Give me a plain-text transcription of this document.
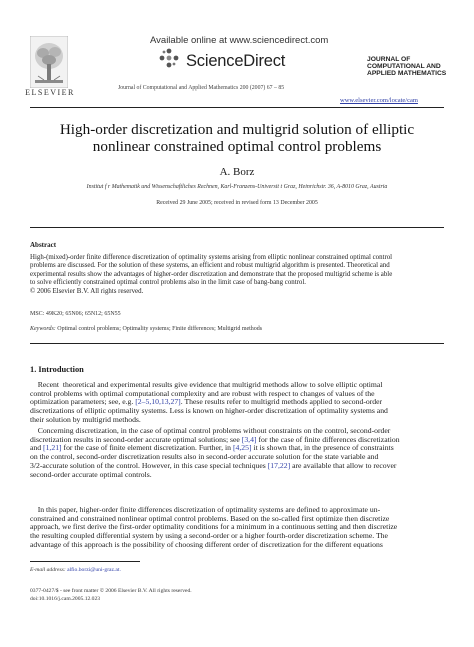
ELSEVIER
Available online at www.sciencedirect.com
ScienceDirect
Journal of Computational and Applied Mathematics 200 (2007) 67 – 85
JOURNAL OF
COMPUTATIONAL AND
APPLIED MATHEMATICS
www.elsevier.com/locate/cam
High-order discretization and multigrid solution of elliptic
nonlinear constrained optimal control problems
A. Borz
Institut f r Mathematik und Wissenschaftliches Rechnen, Karl-Franzens-Universit t Graz, Heinrichstr. 36, A-8010 Graz, Austria
Received 29 June 2005; received in revised form 13 December 2005
Abstract
High-(mixed)-order finite difference discretization of optimality systems arising from elliptic nonlinear constrained optimal control
problems are discussed. For the solution of these systems, an efficient and robust multigrid algorithm is presented. Theoretical and
experimental results show the advantages of higher-order discretization and demonstrate that the proposed multigrid scheme is able
to solve efficiently constrained optimal control problems also in the limit case of bang-bang control.
© 2006 Elsevier B.V. All rights reserved.
MSC: 49K20; 65N06; 65N12; 65N55
Keywords: Optimal control problems; Optimality systems; Finite differences; Multigrid methods
1. Introduction
Recent  theoretical and experimental results give evidence that multigrid methods allow to solve elliptic optimal
control problems with optimal computational complexity and are robust with respect to changes of values of the
optimization parameters; see, e.g. [2–5,10,13,27]. These results refer to multigrid methods applied to second-order
discretizations of elliptic optimality systems. Less is known on higher-order discretization of optimality systems and
their solution by multigrid methods.
Concerning discretization, in the case of optimal control problems without constraints on the control, second-order
discretization results in second-order accurate optimal solutions; see [3,4] for the case of finite differences discretization
and [1,21] for the case of finite element discretization. Further, in [4,25] it is shown that, in the presence of constraints
on the control, second-order discretization results also in second-order accurate solution for the state variable and
3/2-accurate solution of the control. However, in this case special techniques [17,22] are available that allow to recover
second-order accurate optimal controls.
In this paper, higher-order finite differences discretization of optimality systems are defined to approximate un-
constrained and constrained nonlinear optimal control problems. Based on the so-called first optimize then discretize
approach, we first derive the first-order optimality conditions for a minimum in a continuous setting and then discretize
the resulting coupled differential system by using a second-order or a higher fourth-order discretization scheme. The
advantage of this approach is the possibility of choosing different order of discretization for the different equations
E-mail address: alfio.borzi@uni-graz.at.
0377-0427/$ - see front matter © 2006 Elsevier B.V. All rights reserved.
doi:10.1016/j.cam.2005.12.023
